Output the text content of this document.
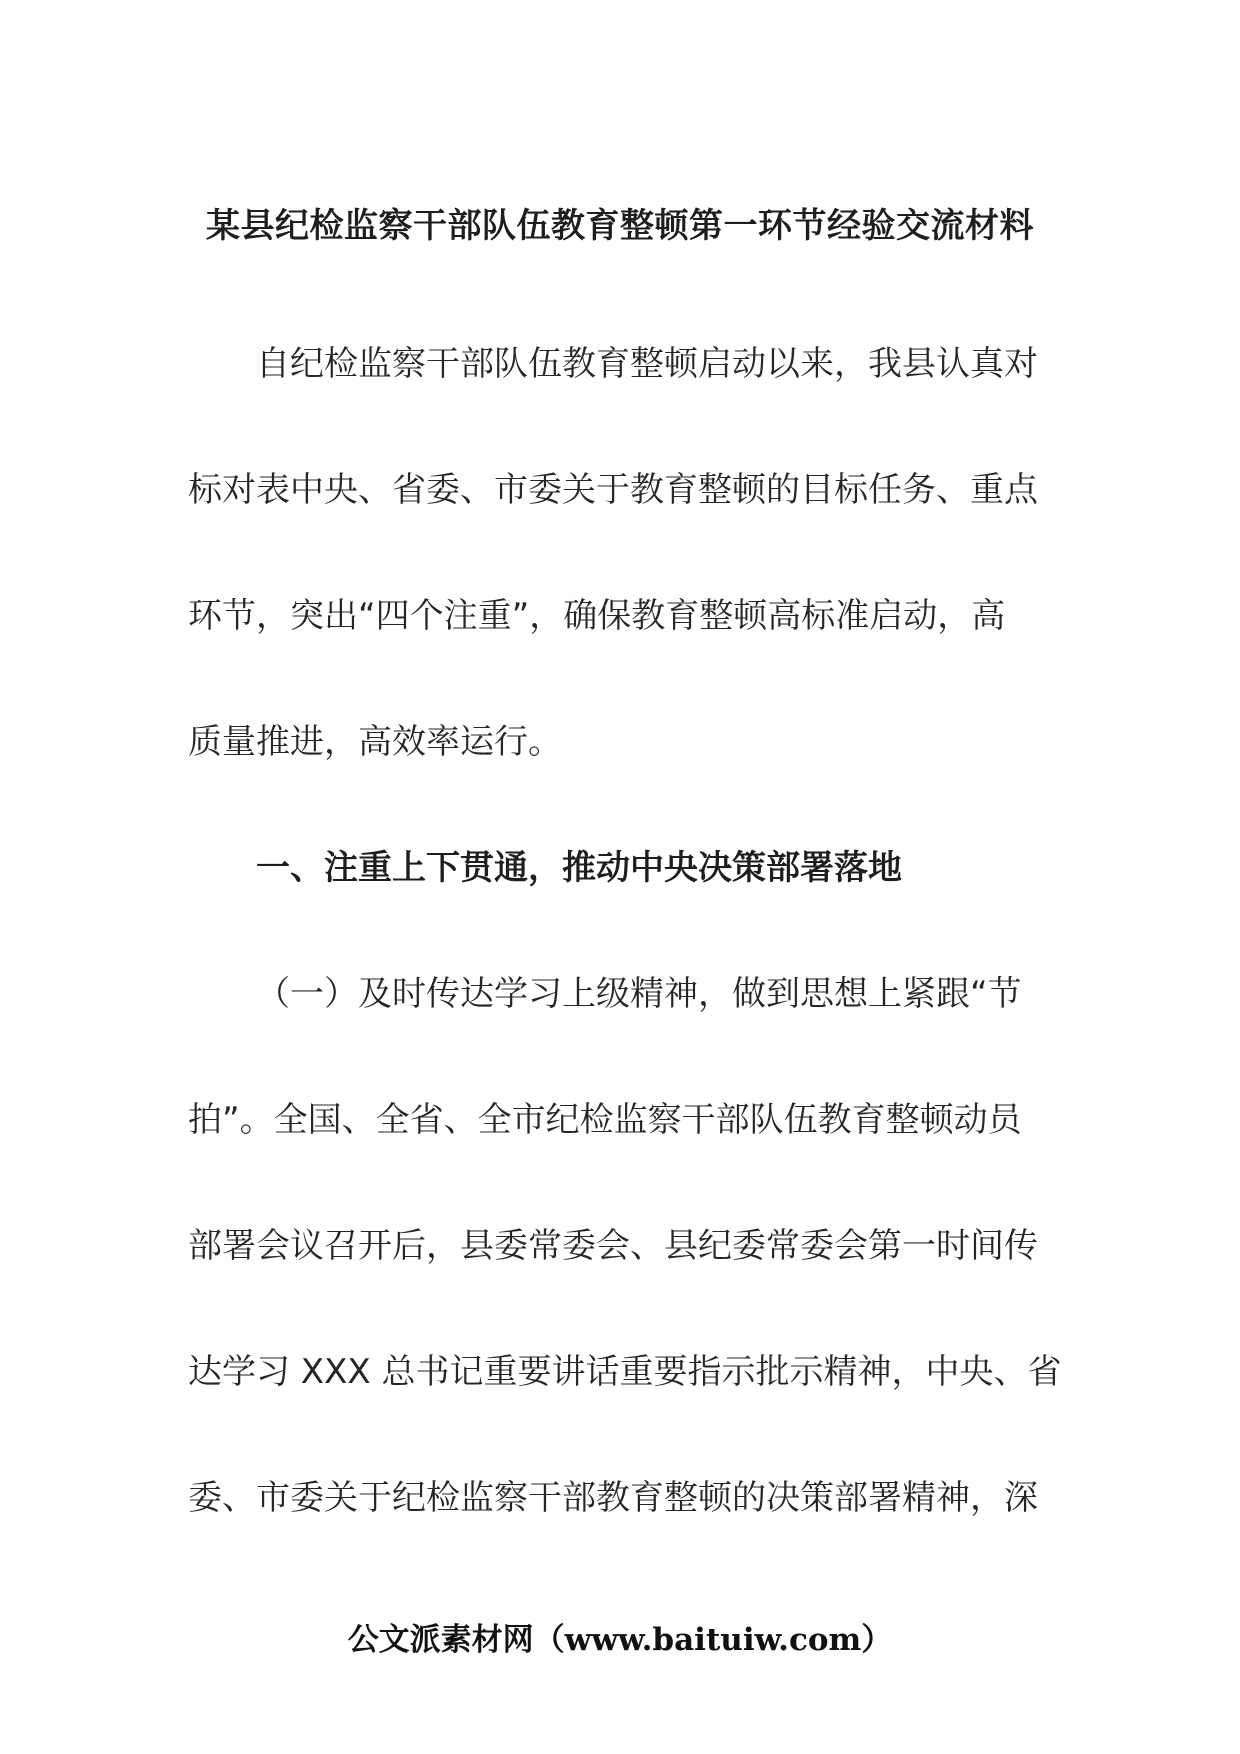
某县纪检监察干部队伍教育整顿第一环节经验交流材料
自纪检监察干部队伍教育整顿启动以来，我县认真对
标对表中央、省委、市委关于教育整顿的目标任务、重点
环节，突出“四个注重”，确保教育整顿高标准启动，高
质量推进，高效率运行。
一、注重上下贯通，推动中央决策部署落地
（一）及时传达学习上级精神，做到思想上紧跟“节
拍”。全国、全省、全市纪检监察干部队伍教育整顿动员
部署会议召开后，县委常委会、县纪委常委会第一时间传
达学习 XXX 总书记重要讲话重要指示批示精神，中央、省
委、市委关于纪检监察干部教育整顿的决策部署精神，深
公文派素材网（www.baituiw.com）
